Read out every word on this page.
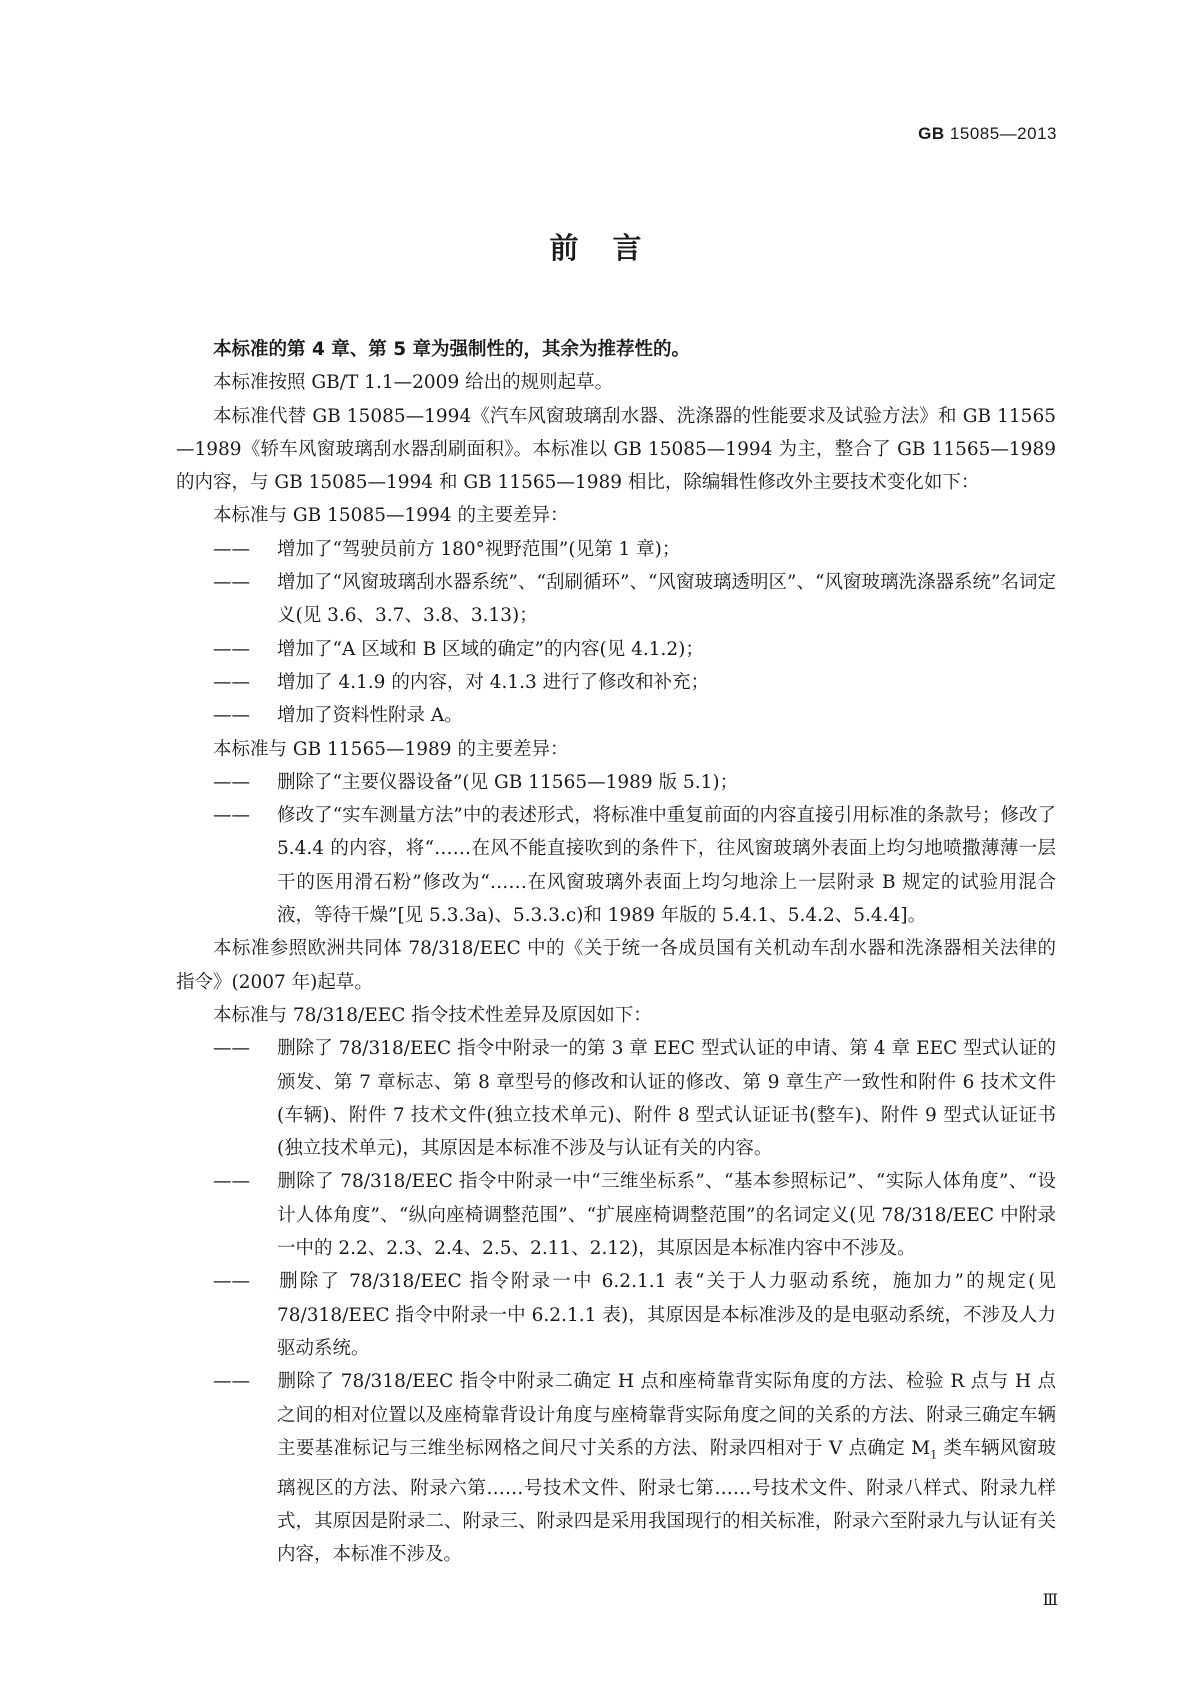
GB 15085—2013
前言

本标准的第 4 章、第 5 章为强制性的，其余为推荐性的。

本标准按照 GB/T 1.1—2009 给出的规则起草。

本标准代替 GB 15085—1994《汽车风窗玻璃刮水器、洗涤器的性能要求及试验方法》和 GB 11565—1989《轿车风窗玻璃刮水器刮刷面积》。本标准以 GB 15085—1994 为主，整合了 GB 11565—1989 的内容，与 GB 15085—1994 和 GB 11565—1989 相比，除编辑性修改外主要技术变化如下：

本标准与 GB 15085—1994 的主要差异：

—— 增加了“驾驶员前方 180°视野范围”(见第 1 章)；

—— 增加了“风窗玻璃刮水器系统”、“刮刷循环”、“风窗玻璃透明区”、“风窗玻璃洗涤器系统”名词定义(见 3.6、3.7、3.8、3.13)；

—— 增加了“A 区域和 B 区域的确定”的内容(见 4.1.2)；

—— 增加了 4.1.9 的内容，对 4.1.3 进行了修改和补充；

—— 增加了资料性附录 A。

本标准与 GB 11565—1989 的主要差异：

—— 删除了“主要仪器设备”(见 GB 11565—1989 版 5.1)；

—— 修改了“实车测量方法”中的表述形式，将标准中重复前面的内容直接引用标准的条款号；修改了 5.4.4 的内容，将“……在风不能直接吹到的条件下，往风窗玻璃外表面上均匀地喷撒薄薄一层干的医用滑石粉”修改为“……在风窗玻璃外表面上均匀地涂上一层附录 B 规定的试验用混合液，等待干燥”[见 5.3.3a)、5.3.3.c)和 1989 年版的 5.4.1、5.4.2、5.4.4]。

本标准参照欧洲共同体 78/318/EEC 中的《关于统一各成员国有关机动车刮水器和洗涤器相关法律的指令》(2007 年)起草。

本标准与 78/318/EEC 指令技术性差异及原因如下：

—— 删除了 78/318/EEC 指令中附录一的第 3 章 EEC 型式认证的申请、第 4 章 EEC 型式认证的颁发、第 7 章标志、第 8 章型号的修改和认证的修改、第 9 章生产一致性和附件 6 技术文件(车辆)、附件 7 技术文件(独立技术单元)、附件 8 型式认证证书(整车)、附件 9 型式认证证书(独立技术单元)，其原因是本标准不涉及与认证有关的内容。

—— 删除了 78/318/EEC 指令中附录一中“三维坐标系”、“基本参照标记”、“实际人体角度”、“设计人体角度”、“纵向座椅调整范围”、“扩展座椅调整范围”的名词定义(见 78/318/EEC 中附录一中的 2.2、2.3、2.4、2.5、2.11、2.12)，其原因是本标准内容中不涉及。

—— 删除了 78/318/EEC 指令附录一中 6.2.1.1 表“关于人力驱动系统，施加力”的规定(见 78/318/EEC 指令中附录一中 6.2.1.1 表)，其原因是本标准涉及的是电驱动系统，不涉及人力驱动系统。

—— 删除了 78/318/EEC 指令中附录二确定 H 点和座椅靠背实际角度的方法、检验 R 点与 H 点之间的相对位置以及座椅靠背设计角度与座椅靠背实际角度之间的关系的方法、附录三确定车辆主要基准标记与三维坐标网格之间尺寸关系的方法、附录四相对于 V 点确定 $M_1$ 类车辆风窗玻璃视区的方法、附录六第……号技术文件、附录七第……号技术文件、附录八样式、附录九样式，其原因是附录二、附录三、附录四是采用我国现行的相关标准，附录六至附录九与认证有关内容，本标准不涉及。

Ⅲ
